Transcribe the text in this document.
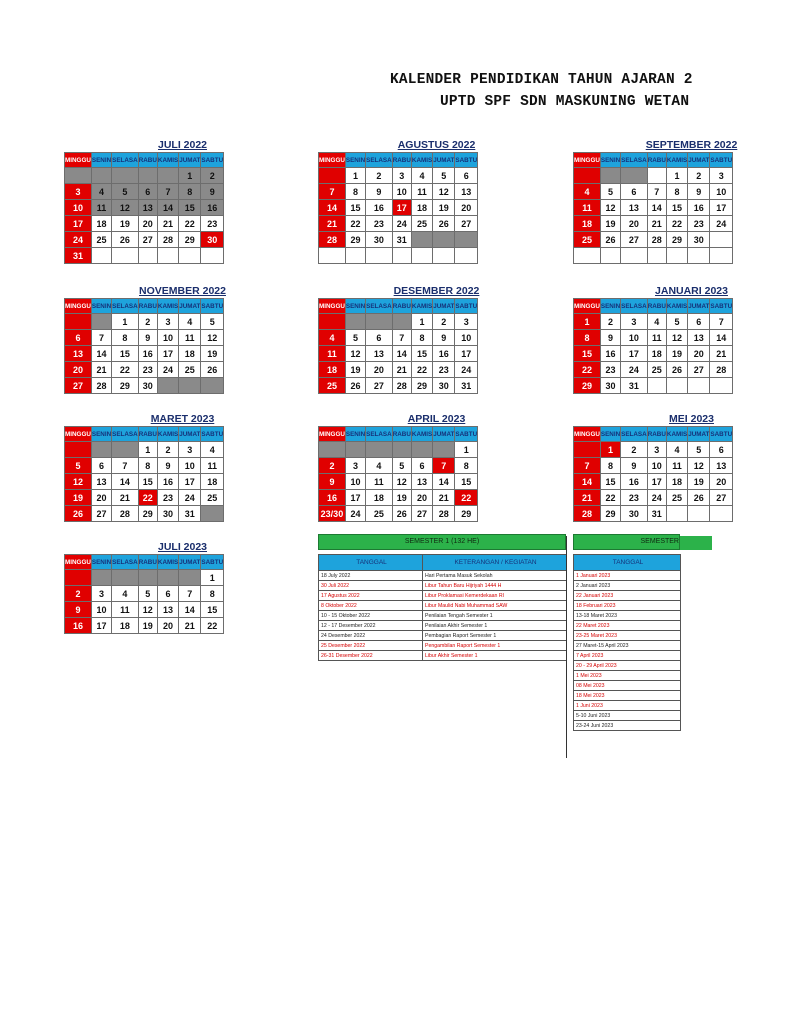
KALENDER PENDIDIKAN TAHUN AJARAN 2
UPTD SPF SDN MASKUNING WETAN
JULI 2022
MINGGU	SENIN	SELASA	RABU	KAMIS	JUMAT	SABTU
					1	2
3	4	5	6	7	8	9
10	11	12	13	14	15	16
17	18	19	20	21	22	23
24	25	26	27	28	29	30
31						
AGUSTUS 2022
MINGGU	SENIN	SELASA	RABU	KAMIS	JUMAT	SABTU
	1	2	3	4	5	6
7	8	9	10	11	12	13
14	15	16	17	18	19	20
21	22	23	24	25	26	27
28	29	30	31			

SEPTEMBER 2022
MINGGU	SENIN	SELASA	RABU	KAMIS	JUMAT	SABTU
				1	2	3
4	5	6	7	8	9	10
11	12	13	14	15	16	17
18	19	20	21	22	23	24
25	26	27	28	29	30	

NOVEMBER 2022
MINGGU	SENIN	SELASA	RABU	KAMIS	JUMAT	SABTU
		1	2	3	4	5
6	7	8	9	10	11	12
13	14	15	16	17	18	19
20	21	22	23	24	25	26
27	28	29	30			
DESEMBER 2022
MINGGU	SENIN	SELASA	RABU	KAMIS	JUMAT	SABTU
				1	2	3
4	5	6	7	8	9	10
11	12	13	14	15	16	17
18	19	20	21	22	23	24
25	26	27	28	29	30	31
JANUARI 2023
MINGGU	SENIN	SELASA	RABU	KAMIS	JUMAT	SABTU
1	2	3	4	5	6	7
8	9	10	11	12	13	14
15	16	17	18	19	20	21
22	23	24	25	26	27	28
29	30	31				
MARET 2023
MINGGU	SENIN	SELASA	RABU	KAMIS	JUMAT	SABTU
			1	2	3	4
5	6	7	8	9	10	11
12	13	14	15	16	17	18
19	20	21	22	23	24	25
26	27	28	29	30	31	
APRIL 2023
MINGGU	SENIN	SELASA	RABU	KAMIS	JUMAT	SABTU
						1
2	3	4	5	6	7	8
9	10	11	12	13	14	15
16	17	18	19	20	21	22
23/30	24	25	26	27	28	29
MEI 2023
MINGGU	SENIN	SELASA	RABU	KAMIS	JUMAT	SABTU
	1	2	3	4	5	6
7	8	9	10	11	12	13
14	15	16	17	18	19	20
21	22	23	24	25	26	27
28	29	30	31			
JULI 2023
MINGGU	SENIN	SELASA	RABU	KAMIS	JUMAT	SABTU
						1
2	3	4	5	6	7	8
9	10	11	12	13	14	15
16	17	18	19	20	21	22
SEMESTER 1 (132 HE)
TANGGAL	KETERANGAN / KEGIATAN
18 July 2022	Hari Pertama Masuk Sekolah
30 Juli 2022	Libur Tahun Baru Hijriyah 1444 H
17 Agustus 2022	Libur Proklamasi Kemerdekaan RI
8 Oktober 2022	Libur Maulid Nabi Muhammad SAW
10 - 15 Oktober 2022	Penilaian Tengah Semester 1
12 - 17 Desember 2022	Penilaian Akhir Semester 1
24 Desember 2022	Pembagian Raport Semester 1
25 Desember 2022	Pengambilan Raport Semester 1
26-31 Desember 2022	Libur Akhir Semester 1
SEMESTER
TANGGAL
1 Januari 2023
2 Januari 2023
22 Januari 2023
18 Februari 2023
13-18 Maret 2023
22 Maret 2023
23-25 Maret 2023
27 Maret-15 April 2023
7 April 2023
20 - 29 April 2023
1 Mei 2023
08 Mei 2023
18 Mei 2023
1 Juni 2023
5-10 Juni 2023
23-24 Juni 2023
